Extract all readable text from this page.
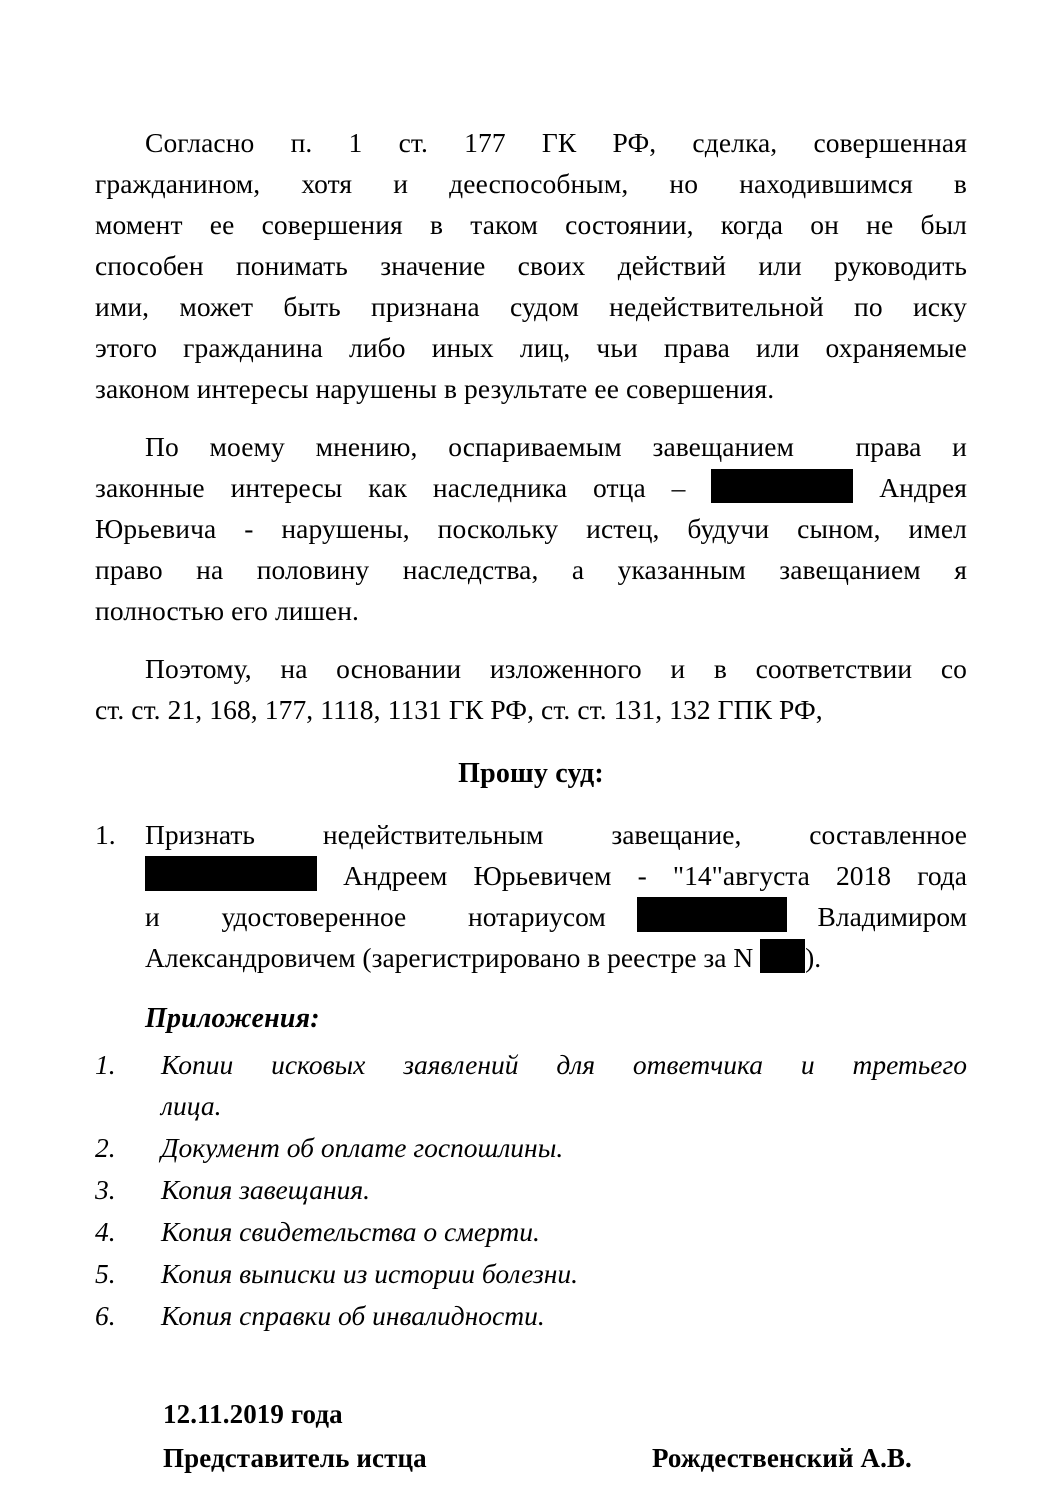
Согласно п. 1 ст. 177 ГК РФ, сделка, совершенная
гражданином, хотя и дееспособным, но находившимся в
момент ее совершения в таком состоянии, когда он не был
способен понимать значение своих действий или руководить
ими, может быть признана судом недействительной по иску
этого гражданина либо иных лиц, чьи права или охраняемые
законом интересы нарушены в результате ее совершения.

По моему мнению, оспариваемым завещанием  права и
законные интересы как наследника отца –	Андрея
Юрьевича - нарушены, поскольку истец, будучи сыном, имел
право на половину наследства, а указанным завещанием я
полностью его лишен.

Поэтому, на основании изложенного и в соответствии со
ст. ст. 21, 168, 177, 1118, 1131 ГК РФ, ст. ст. 131, 132 ГПК РФ,

Прошу суд:
1.	Признать  недействительным  завещание,  составленное
Андреем Юрьевичем - "14"августа 2018 года
и  удостоверенное  нотариусом	Владимиром
Александровичем (зарегистрировано в реестре за N ).
Приложения:
1.	Копии  исковых  заявлений  для  ответчика  и  третьего
лица.
2.	Документ об оплате госпошлины.
3.	Копия завещания.
4.	Копия свидетельства о смерти.
5.	Копия выписки из истории болезни.
6.	Копия справки об инвалидности.
12.11.2019 года
Представитель истца	Рождественский А.В.
